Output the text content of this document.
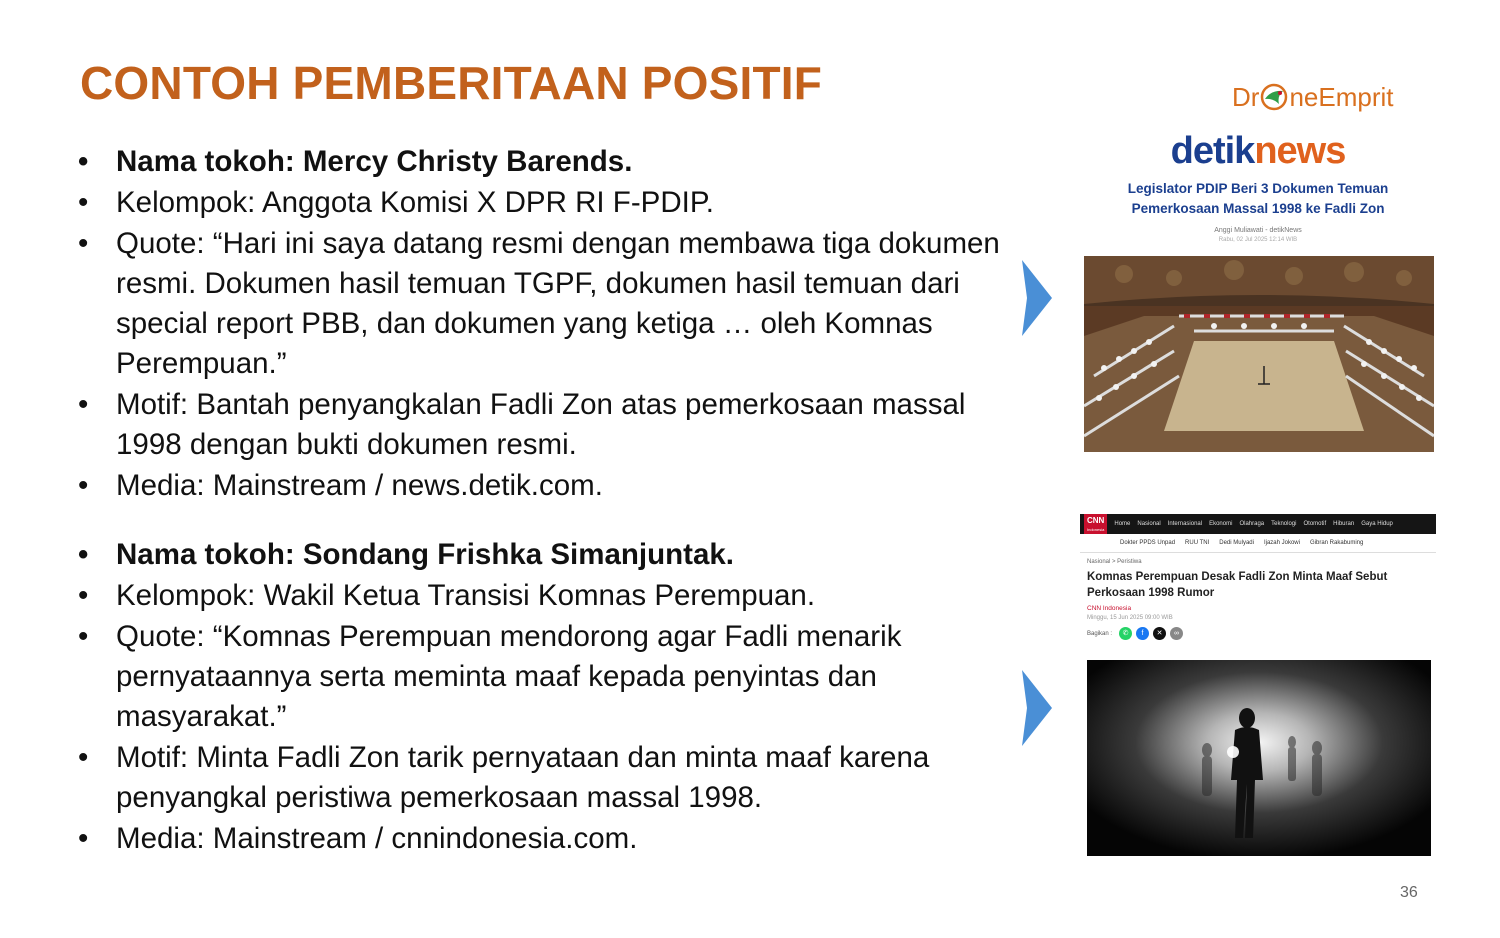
CONTOH PEMBERITAAN POSITIF	Dr neEmprit
• Nama tokoh: Mercy Christy Barends.
• Kelompok: Anggota Komisi X DPR RI F-PDIP.
• Quote: “Hari ini saya datang resmi dengan membawa tiga dokumen resmi. Dokumen hasil temuan TGPF, dokumen hasil temuan dari special report PBB, dan dokumen yang ketiga … oleh Komnas Perempuan.”
• Motif: Bantah penyangkalan Fadli Zon atas pemerkosaan massal 1998 dengan bukti dokumen resmi.
• Media: Mainstream / news.detik.com.
• Nama tokoh: Sondang Frishka Simanjuntak.
• Kelompok: Wakil Ketua Transisi Komnas Perempuan.
• Quote: “Komnas Perempuan mendorong agar Fadli menarik pernyataannya serta meminta maaf kepada penyintas dan masyarakat.”
• Motif: Minta Fadli Zon tarik pernyataan dan minta maaf karena penyangkal peristiwa pemerkosaan massal 1998.
• Media: Mainstream / cnnindonesia.com.
detiknews
Legislator PDIP Beri 3 Dokumen Temuan
Pemerkosaan Massal 1998 ke Fadli Zon
Anggi Muliawati - detikNews
Rabu, 02 Jul 2025 12:14 WIB
CNN
Indonesia
Home Nasional Internasional Ekonomi Olahraga Teknologi Otomotif Hiburan Gaya Hidup
Dokter PPDS Unpad RUU TNI Dedi Mulyadi Ijazah Jokowi Gibran Rakabuming
Nasional > Peristiwa
Komnas Perempuan Desak Fadli Zon Minta Maaf Sebut Perkosaan 1998 Rumor
CNN Indonesia
Minggu, 15 Jun 2025 09:00 WIB
Bagikan :	✆	f	✕	∞
36
